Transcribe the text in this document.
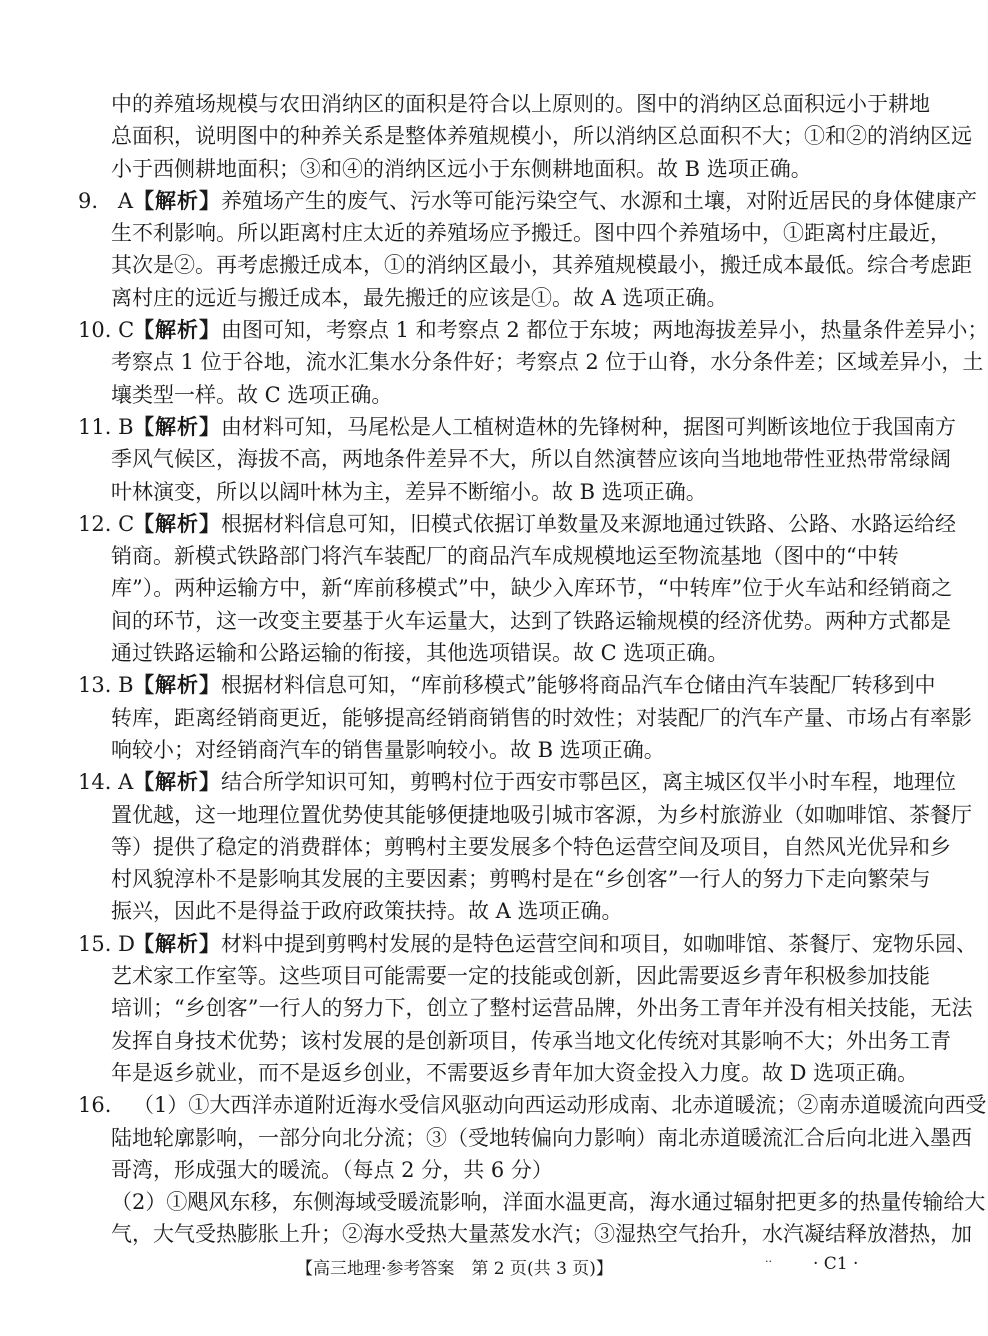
中的养殖场规模与农田消纳区的面积是符合以上原则的。图中的消纳区总面积远小于耕地
总面积，说明图中的种养关系是整体养殖规模小，所以消纳区总面积不大；①和②的消纳区远
小于西侧耕地面积；③和④的消纳区远小于东侧耕地面积。故 B 选项正确。
9. A【解析】养殖场产生的废气、污水等可能污染空气、水源和土壤，对附近居民的身体健康产
生不利影响。所以距离村庄太近的养殖场应予搬迁。图中四个养殖场中，①距离村庄最近，
其次是②。再考虑搬迁成本，①的消纳区最小，其养殖规模最小，搬迁成本最低。综合考虑距
离村庄的远近与搬迁成本，最先搬迁的应该是①。故 A 选项正确。
10. C【解析】由图可知，考察点 1 和考察点 2 都位于东坡；两地海拔差异小，热量条件差异小；
考察点 1 位于谷地，流水汇集水分条件好；考察点 2 位于山脊，水分条件差；区域差异小，土
壤类型一样。故 C 选项正确。
11. B【解析】由材料可知，马尾松是人工植树造林的先锋树种，据图可判断该地位于我国南方
季风气候区，海拔不高，两地条件差异不大，所以自然演替应该向当地地带性亚热带常绿阔
叶林演变，所以以阔叶林为主，差异不断缩小。故 B 选项正确。
12. C【解析】根据材料信息可知，旧模式依据订单数量及来源地通过铁路、公路、水路运给经
销商。新模式铁路部门将汽车装配厂的商品汽车成规模地运至物流基地（图中的“中转
库”）。两种运输方中，新“库前移模式”中，缺少入库环节，“中转库”位于火车站和经销商之
间的环节，这一改变主要基于火车运量大，达到了铁路运输规模的经济优势。两种方式都是
通过铁路运输和公路运输的衔接，其他选项错误。故 C 选项正确。
13. B【解析】根据材料信息可知，“库前移模式”能够将商品汽车仓储由汽车装配厂转移到中
转库，距离经销商更近，能够提高经销商销售的时效性；对装配厂的汽车产量、市场占有率影
响较小；对经销商汽车的销售量影响较小。故 B 选项正确。
14. A【解析】结合所学知识可知，剪鸭村位于西安市鄠邑区，离主城区仅半小时车程，地理位
置优越，这一地理位置优势使其能够便捷地吸引城市客源，为乡村旅游业（如咖啡馆、茶餐厅
等）提供了稳定的消费群体；剪鸭村主要发展多个特色运营空间及项目，自然风光优异和乡
村风貌淳朴不是影响其发展的主要因素；剪鸭村是在“乡创客”一行人的努力下走向繁荣与
振兴，因此不是得益于政府政策扶持。故 A 选项正确。
15. D【解析】材料中提到剪鸭村发展的是特色运营空间和项目，如咖啡馆、茶餐厅、宠物乐园、
艺术家工作室等。这些项目可能需要一定的技能或创新，因此需要返乡青年积极参加技能
培训；“乡创客”一行人的努力下，创立了整村运营品牌，外出务工青年并没有相关技能，无法
发挥自身技术优势；该村发展的是创新项目，传承当地文化传统对其影响不大；外出务工青
年是返乡就业，而不是返乡创业，不需要返乡青年加大资金投入力度。故 D 选项正确。
16. （1）①大西洋赤道附近海水受信风驱动向西运动形成南、北赤道暖流；②南赤道暖流向西受
陆地轮廓影响，一部分向北分流；③（受地转偏向力影响）南北赤道暖流汇合后向北进入墨西
哥湾，形成强大的暖流。（每点 2 分，共 6 分）
（2）①飓风东移，东侧海域受暖流影响，洋面水温更高，海水通过辐射把更多的热量传输给大
气，大气受热膨胀上升；②海水受热大量蒸发水汽；③湿热空气抬升，水汽凝结释放潜热，加
【高三地理·参考答案　第 2 页(共 3 页)】
.. · C1 ·
